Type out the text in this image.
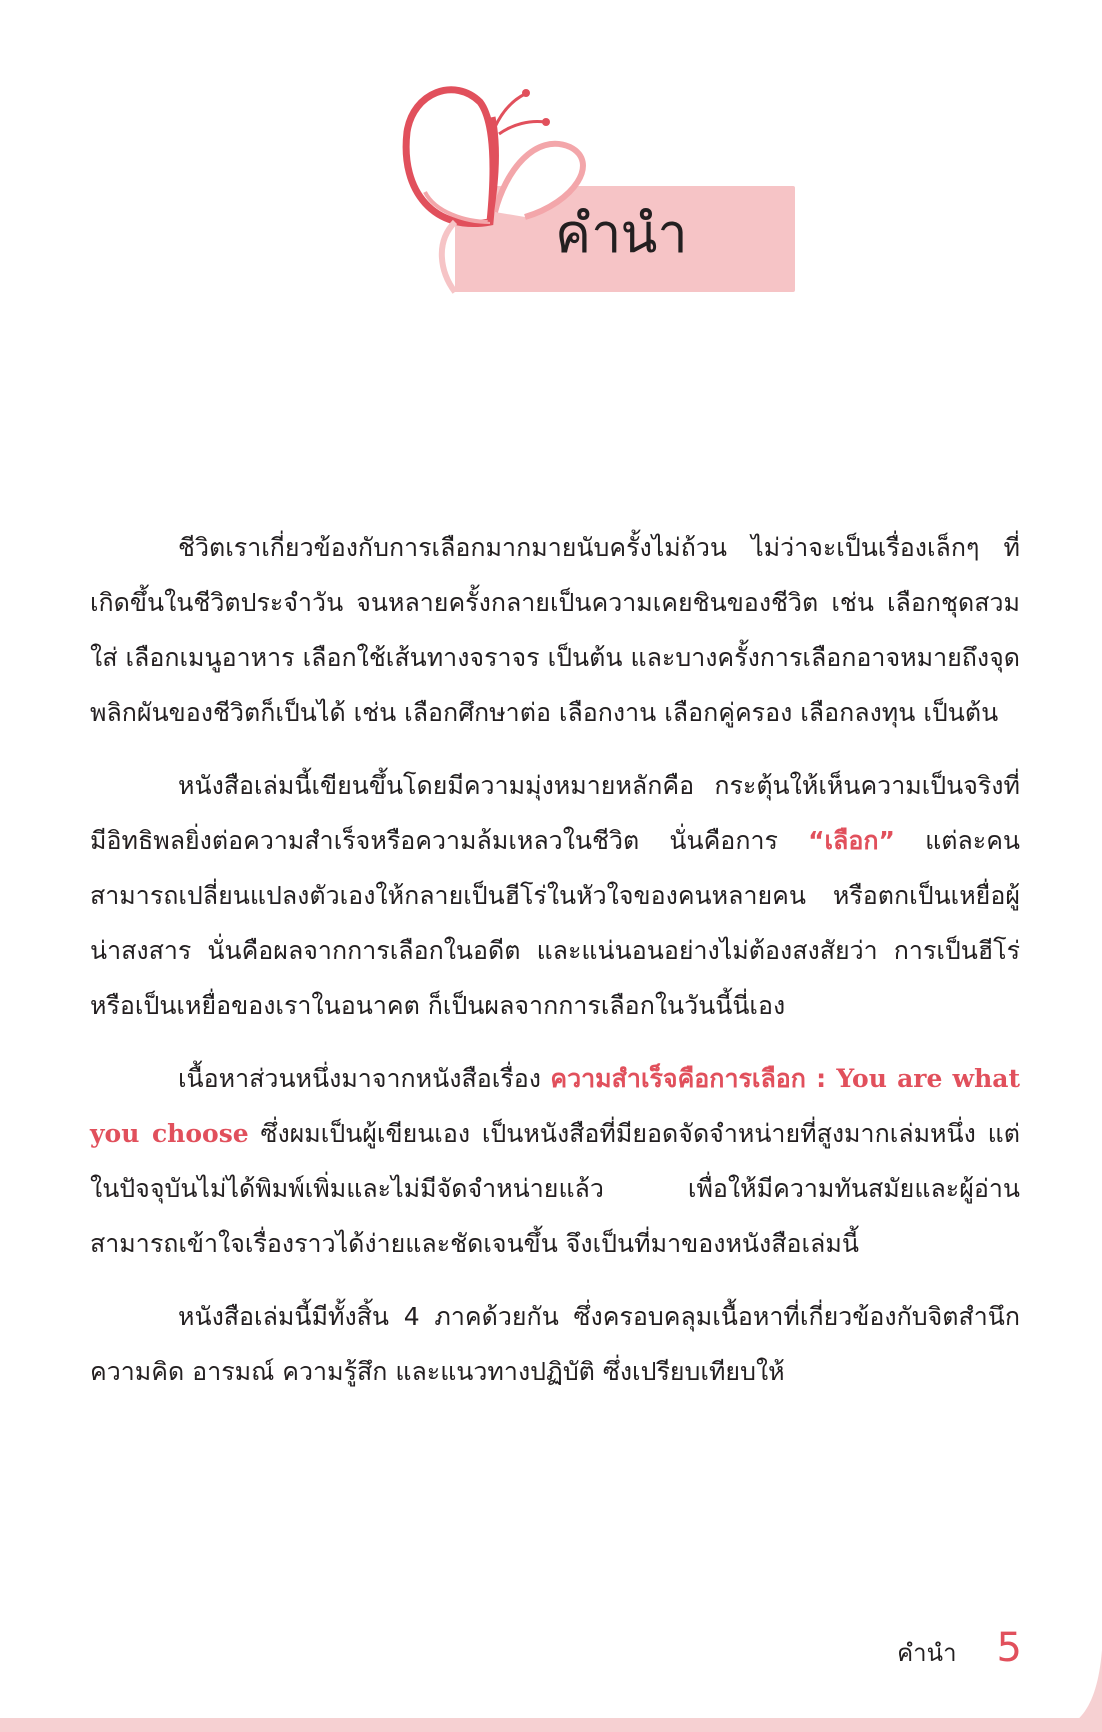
คำนำ

ชีวิตเราเกี่ยวข้องกับการเลือกมากมายนับครั้งไม่ถ้วน ไม่ว่าจะเป็นเรื่องเล็กๆ ที่เกิดขึ้นในชีวิตประจำวัน จนหลายครั้งกลายเป็นความเคยชินของชีวิต เช่น เลือกชุดสวมใส่ เลือกเมนูอาหาร เลือกใช้เส้นทางจราจร เป็นต้น และบางครั้งการเลือกอาจหมายถึงจุดพลิกผันของชีวิตก็เป็นได้ เช่น เลือกศึกษาต่อ เลือกงาน เลือกคู่ครอง เลือกลงทุน เป็นต้น

หนังสือเล่มนี้เขียนขึ้นโดยมีความมุ่งหมายหลักคือ กระตุ้นให้เห็นความเป็นจริงที่มีอิทธิพลยิ่งต่อความสำเร็จหรือความล้มเหลวในชีวิต นั่นคือการ “เลือก” แต่ละคนสามารถเปลี่ยนแปลงตัวเองให้กลายเป็นฮีโร่ในหัวใจของคนหลายคน หรือตกเป็นเหยื่อผู้น่าสงสาร นั่นคือผลจากการเลือกในอดีต และแน่นอนอย่างไม่ต้องสงสัยว่า การเป็นฮีโร่หรือเป็นเหยื่อของเราในอนาคต ก็เป็นผลจากการเลือกในวันนี้นี่เอง

เนื้อหาส่วนหนึ่งมาจากหนังสือเรื่อง ความสำเร็จคือการเลือก : You are what you choose ซึ่งผมเป็นผู้เขียนเอง เป็นหนังสือที่มียอดจัดจำหน่ายที่สูงมากเล่มหนึ่ง แต่ในปัจจุบันไม่ได้พิมพ์เพิ่มและไม่มีจัดจำหน่ายแล้ว เพื่อให้มีความทันสมัยและผู้อ่านสามารถเข้าใจเรื่องราวได้ง่ายและชัดเจนขึ้น จึงเป็นที่มาของหนังสือเล่มนี้

หนังสือเล่มนี้มีทั้งสิ้น 4 ภาคด้วยกัน ซึ่งครอบคลุมเนื้อหาที่เกี่ยวข้องกับจิตสำนึก ความคิด อารมณ์ ความรู้สึก และแนวทางปฏิบัติ ซึ่งเปรียบเทียบให้

คำนำ 5
